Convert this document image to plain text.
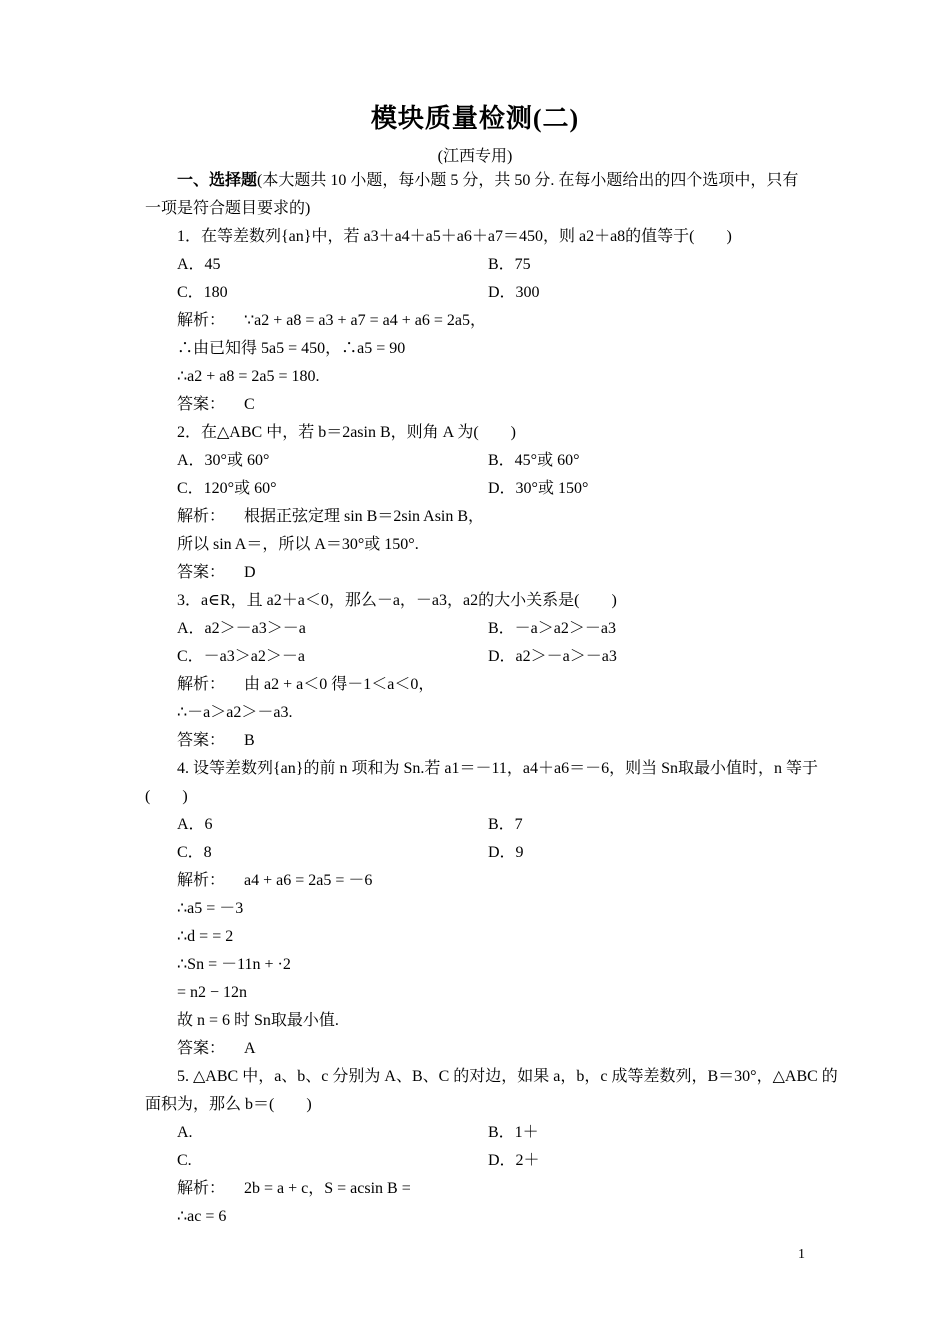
模块质量检测(二)
(江西专用)
一、选择题(本大题共 10 小题，每小题 5 分，共 50 分. 在每小题给出的四个选项中，只有
一项是符合题目要求的)
1．在等差数列{an}中，若 a3＋a4＋a5＋a6＋a7＝450，则 a2＋a8的值等于(　　)
A．45	B．75
C．180	D．300
解析： ∵a2 + a8 = a3 + a7 = a4 + a6 = 2a5，
∴由已知得 5a5 = 450，∴a5 = 90
∴a2 + a8 = 2a5 = 180.
答案： C
2．在△ABC 中，若 b＝2asin B，则角 A 为(　　)
A．30°或 60°	B．45°或 60°
C．120°或 60°	D．30°或 150°
解析： 根据正弦定理 sin B＝2sin Asin B，
所以 sin A＝，所以 A＝30°或 150°.
答案： D
3．a∈R，且 a2＋a＜0，那么－a，－a3，a2的大小关系是(　　)
A．a2＞－a3＞－a	B．－a＞a2＞－a3
C．－a3＞a2＞－a	D．a2＞－a＞－a3
解析： 由 a2 + a＜0 得－1＜a＜0，
∴－a＞a2＞－a3.
答案： B
4. 设等差数列{an}的前 n 项和为 Sn.若 a1＝－11，a4＋a6＝－6，则当 Sn取最小值时，n 等于
(　　)
A．6	B．7
C．8	D．9
解析： a4 + a6 = 2a5 = －6
∴a5 = －3
∴d = = 2
∴Sn = －11n + ·2
= n2 − 12n
故 n = 6 时 Sn取最小值.
答案： A
5. △ABC 中，a、b、c 分别为 A、B、C 的对边，如果 a，b，c 成等差数列，B＝30°，△ABC 的
面积为，那么 b＝(　　)
A.	B．1＋
C.	D．2＋
解析： 2b = a + c，S = acsin B =
∴ac = 6
1
